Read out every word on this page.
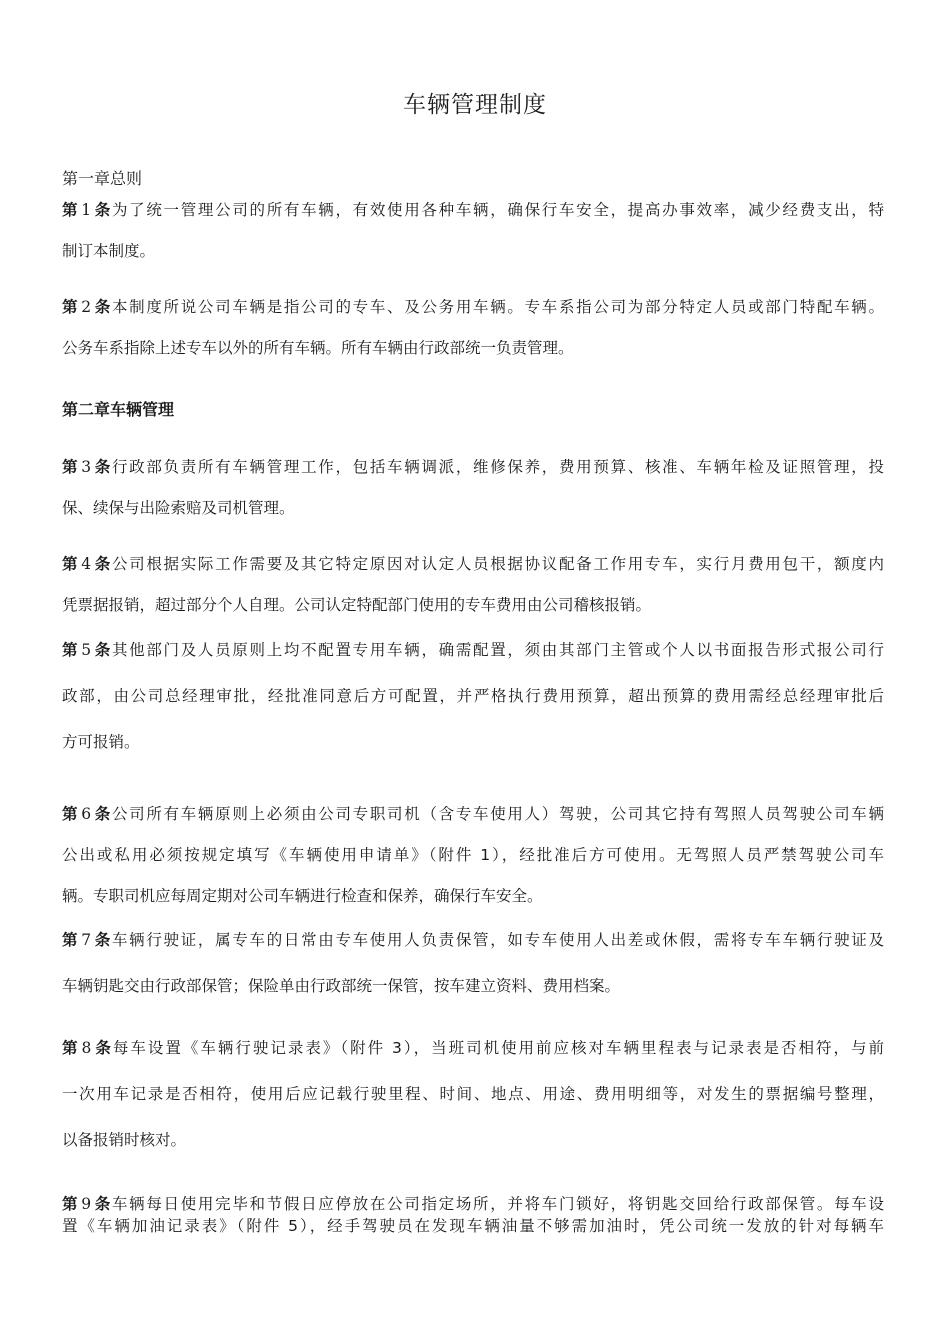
车辆管理制度
第一章总则
第 1 条为了统一管理公司的所有车辆，有效使用各种车辆，确保行车安全，提高办事效率，减少经费支出，特
制订本制度。
第 2 条本制度所说公司车辆是指公司的专车、及公务用车辆。专车系指公司为部分特定人员或部门特配车辆。
公务车系指除上述专车以外的所有车辆。所有车辆由行政部统一负责管理。
第二章车辆管理
第 3 条行政部负责所有车辆管理工作，包括车辆调派，维修保养，费用预算、核准、车辆年检及证照管理，投
保、续保与出险索赔及司机管理。
第 4 条公司根据实际工作需要及其它特定原因对认定人员根据协议配备工作用专车，实行月费用包干，额度内
凭票据报销，超过部分个人自理。公司认定特配部门使用的专车费用由公司稽核报销。
第 5 条其他部门及人员原则上均不配置专用车辆，确需配置，须由其部门主管或个人以书面报告形式报公司行
政部，由公司总经理审批，经批准同意后方可配置，并严格执行费用预算，超出预算的费用需经总经理审批后
方可报销。
第 6 条公司所有车辆原则上必须由公司专职司机（含专车使用人）驾驶，公司其它持有驾照人员驾驶公司车辆
公出或私用必须按规定填写《车辆使用申请单》（附件 1），经批准后方可使用。无驾照人员严禁驾驶公司车
辆。专职司机应每周定期对公司车辆进行检查和保养，确保行车安全。
第 7 条车辆行驶证，属专车的日常由专车使用人负责保管，如专车使用人出差或休假，需将专车车辆行驶证及
车辆钥匙交由行政部保管；保险单由行政部统一保管，按车建立资料、费用档案。
第 8 条每车设置《车辆行驶记录表》（附件 3），当班司机使用前应核对车辆里程表与记录表是否相符，与前
一次用车记录是否相符，使用后应记载行驶里程、时间、地点、用途、费用明细等，对发生的票据编号整理，
以备报销时核对。
第 9 条车辆每日使用完毕和节假日应停放在公司指定场所，并将车门锁好，将钥匙交回给行政部保管。每车设
置《车辆加油记录表》（附件 5），经手驾驶员在发现车辆油量不够需加油时，凭公司统一发放的针对每辆车
